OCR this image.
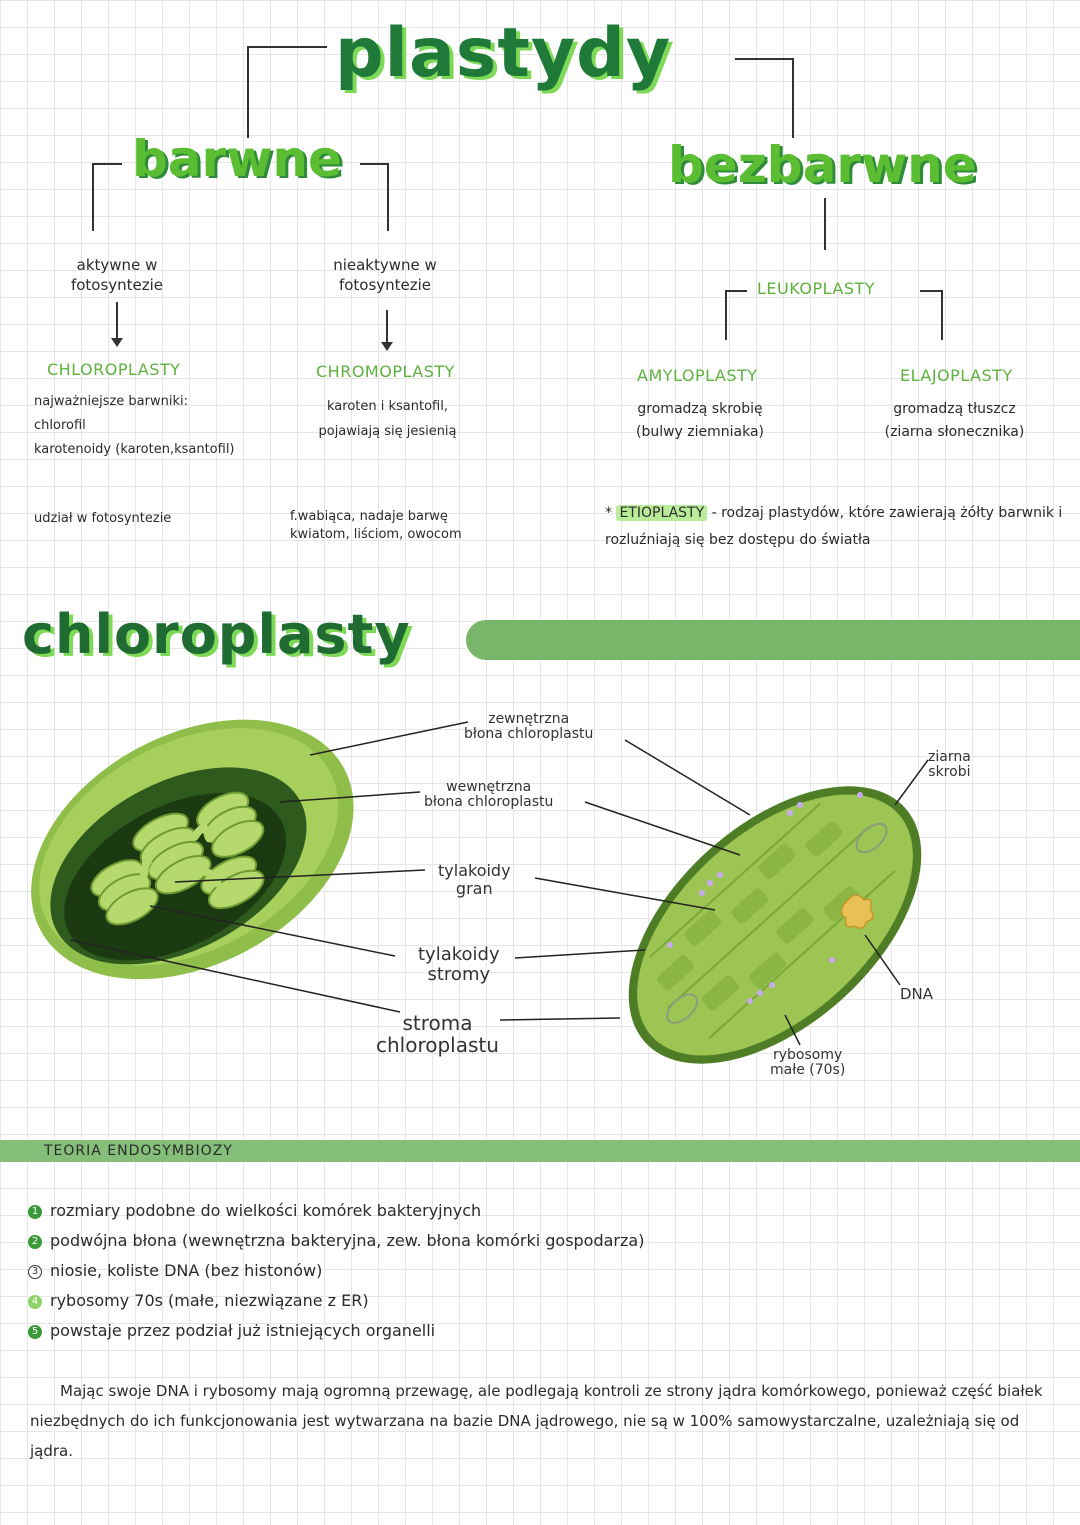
plastydy
barwne	bezbarwne
aktywne w fotosyntezie
CHLOROPLASTY
najważniejsze barwniki:
chlorofil
karotenoidy (karoten,ksantofil)
udział w fotosyntezie
nieaktywne w fotosyntezie
CHROMOPLASTY
karoten i ksantofil,
pojawiają się jesienią
f.wabiąca, nadaje barwę
kwiatom, liściom, owocom
LEUKOPLASTY
AMYLOPLASTY
gromadzą skrobię
(bulwy ziemniaka)
ELAJOPLASTY
gromadzą tłuszcz
(ziarna słonecznika)
* ETIOPLASTY - rodzaj plastydów, które zawierają żółty barwnik i rozluźniają się bez dostępu do światła
chloroplasty
zewnętrzna
błona chloroplastu
wewnętrzna
błona chloroplastu
tylakoidy
gran
tylakoidy
stromy
stroma
chloroplastu
ziarna
skrobi
DNA
rybosomy
małe (70s)
TEORIA ENDOSYMBIOZY
1 rozmiary podobne do wielkości komórek bakteryjnych
2 podwójna błona (wewnętrzna bakteryjna, zew. błona komórki gospodarza)
3 niosie, koliste DNA (bez histonów)
4 rybosomy 70s (małe, niezwiązane z ER)
5 powstaje przez podział już istniejących organelli
Mając swoje DNA i rybosomy mają ogromną przewagę, ale podlegają kontroli ze strony jądra komórkowego, ponieważ część białek niezbędnych do ich funkcjonowania jest wytwarzana na bazie DNA jądrowego, nie są w 100% samowystarczalne, uzależniają się od jądra.
